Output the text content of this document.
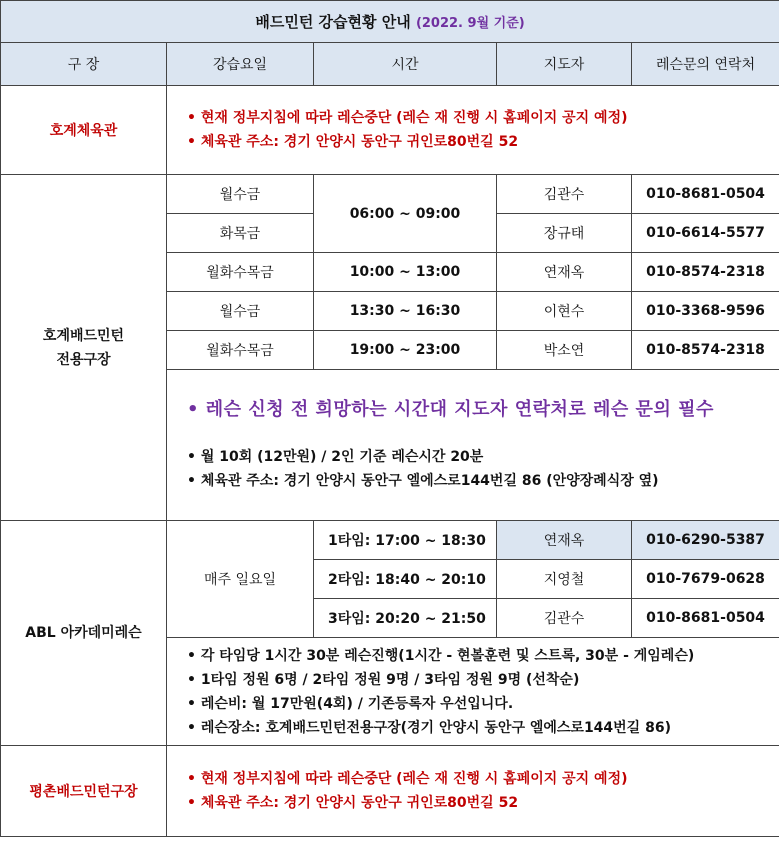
배드민턴 강습현황 안내 (2022. 9월 기준)				
구 장	강습요일	시간	지도자	레슨문의 연락처
호계체육관	• 현재 정부지침에 따라 레슨중단 (레슨 재 진행 시 홈페이지 공지 예정)
• 체육관 주소: 경기 안양시 동안구 귀인로80번길 52			

호계배드민턴
전용구장	월수금	06:00 ~ 09:00	김관수	010-8681-0504
	화목금		장규태	010-6614-5577
	월화수목금	10:00 ~ 13:00	연재옥	010-8574-2318
	월수금	13:30 ~ 16:30	이현수	010-3368-9596
	월화수목금	19:00 ~ 23:00	박소연	010-8574-2318

	• 레슨 신청 전 희망하는 시간대 지도자 연락처로 레슨 문의 필수
• 월 10회 (12만원) / 2인 기준 레슨시간 20분
• 체육관 주소: 경기 안양시 동안구 엘에스로144번길 86 (안양장례식장 옆)			

ABL 아카데미레슨	매주 일요일	1타임: 17:00 ~ 18:30	연재옥	010-6290-5387
		2타임: 18:40 ~ 20:10	지영철	010-7679-0628
		3타임: 20:20 ~ 21:50	김관수	010-8681-0504

	• 각 타임당 1시간 30분 레슨진행(1시간 - 현볼훈련 및 스트록, 30분 - 게임레슨)
• 1타임 정원 6명 / 2타임 정원 9명 / 3타임 정원 9명 (선착순)
• 레슨비: 월 17만원(4회) / 기존등록자 우선입니다.
• 레슨장소: 호계배드민턴전용구장(경기 안양시 동안구 엘에스로144번길 86)			

평촌배드민턴구장	• 현재 정부지침에 따라 레슨중단 (레슨 재 진행 시 홈페이지 공지 예정)
• 체육관 주소: 경기 안양시 동안구 귀인로80번길 52			
